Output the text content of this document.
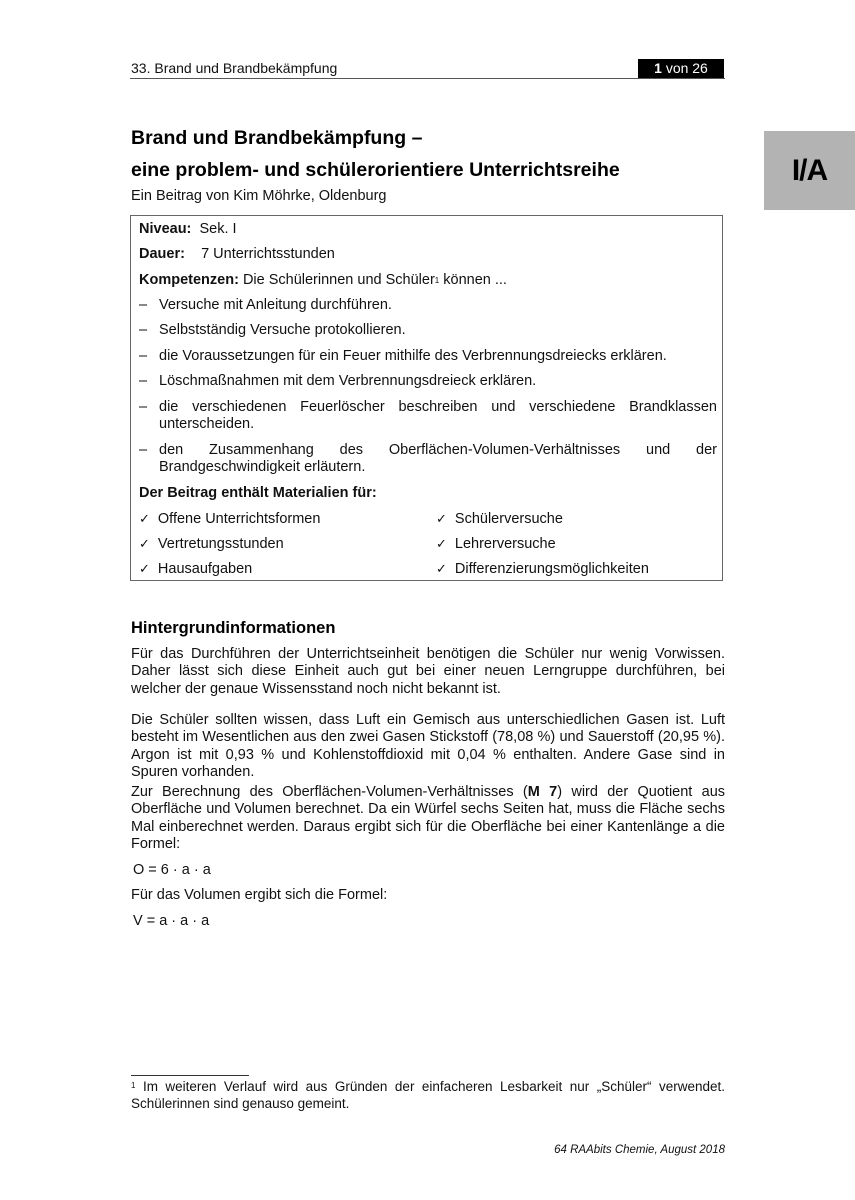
33. Brand und Brandbekämpfung	1 von 26
I/A
Brand und Brandbekämpfung –
eine problem- und schülerorientiere Unterrichtsreihe
Ein Beitrag von Kim Möhrke, Oldenburg
Niveau: Sek. I
Dauer: 7 Unterrichtsstunden
Kompetenzen: Die Schülerinnen und Schüler$^1$ können ...
– Versuche mit Anleitung durchführen.
– Selbstständig Versuche protokollieren.
– die Voraussetzungen für ein Feuer mithilfe des Verbrennungsdreiecks erklären.
– Löschmaßnahmen mit dem Verbrennungsdreieck erklären.
– die verschiedenen Feuerlöscher beschreiben und verschiedene Brandklassen unterscheiden.
– den Zusammenhang des Oberflächen-Volumen-Verhältnisses und der Brandgeschwindigkeit erläutern.
Der Beitrag enthält Materialien für:
✓ Offene Unterrichtsformen
✓ Vertretungsstunden
✓ Hausaufgaben
✓ Schülerversuche
✓ Lehrerversuche
✓ Differenzierungsmöglichkeiten
Hintergrundinformationen
Für das Durchführen der Unterrichtseinheit benötigen die Schüler nur wenig Vorwissen. Daher lässt sich diese Einheit auch gut bei einer neuen Lerngruppe durchführen, bei welcher der genaue Wissensstand noch nicht bekannt ist.
Die Schüler sollten wissen, dass Luft ein Gemisch aus unterschiedlichen Gasen ist. Luft besteht im Wesentlichen aus den zwei Gasen Stickstoff (78,08 %) und Sauerstoff (20,95 %). Argon ist mit 0,93 % und Kohlenstoffdioxid mit 0,04 % enthalten. Andere Gase sind in Spuren vorhanden.
Zur Berechnung des Oberflächen-Volumen-Verhältnisses (M 7) wird der Quotient aus Oberfläche und Volumen berechnet. Da ein Würfel sechs Seiten hat, muss die Fläche sechs Mal einberechnet werden. Daraus ergibt sich für die Oberfläche bei einer Kantenlänge a die Formel:
O = 6 · a · a
Für das Volumen ergibt sich die Formel:
V = a · a · a
$^1$ Im weiteren Verlauf wird aus Gründen der einfacheren Lesbarkeit nur „Schüler“ verwendet. Schülerinnen sind genauso gemeint.
64 RAAbits Chemie, August 2018
